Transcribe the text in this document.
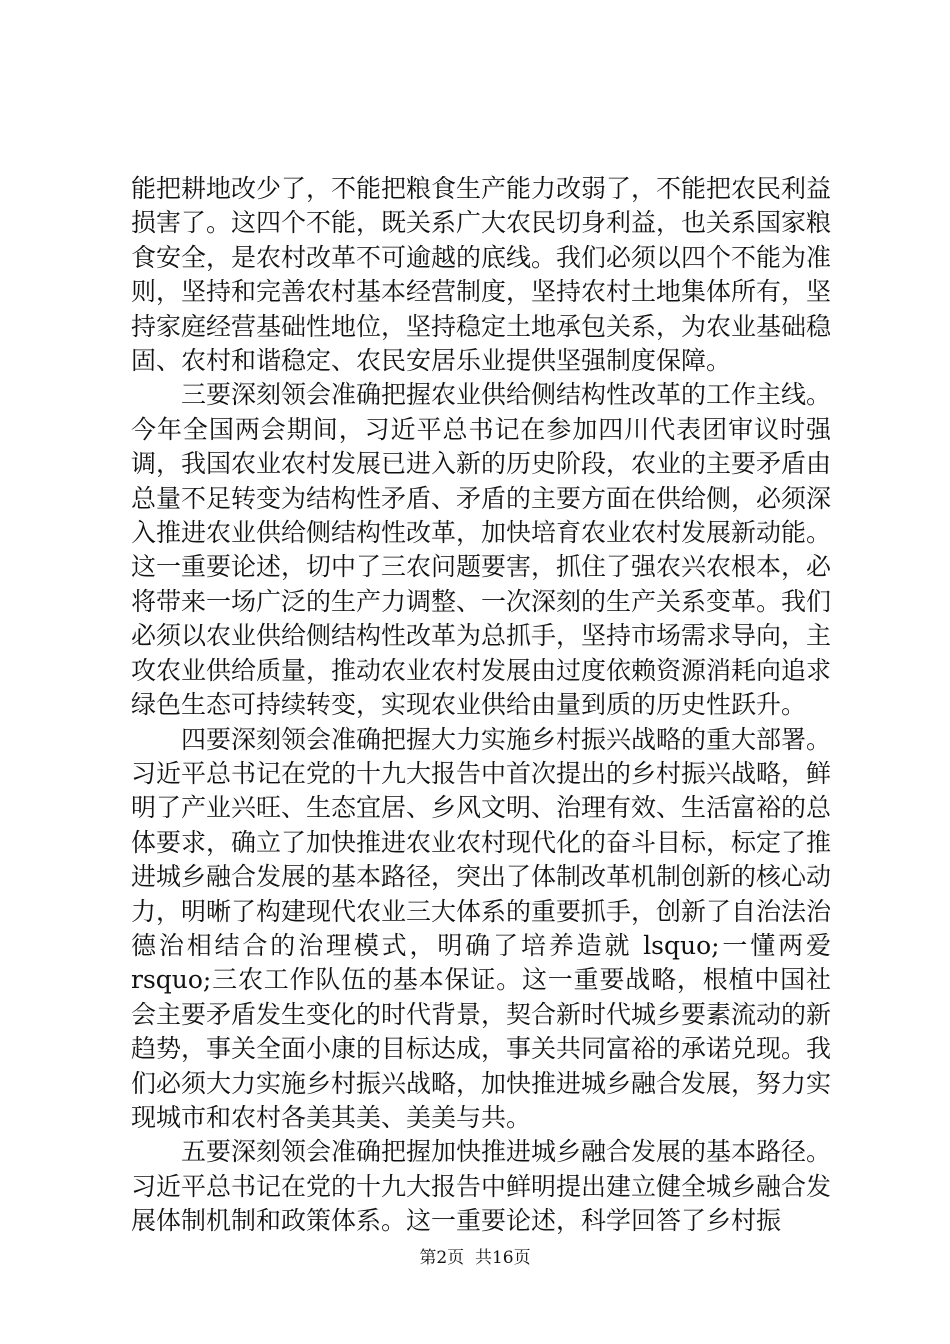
能把耕地改少了，不能把粮食生产能力改弱了，不能把农民利益损害了。这四个不能，既关系广大农民切身利益，也关系国家粮食安全，是农村改革不可逾越的底线。我们必须以四个不能为准则，坚持和完善农村基本经营制度，坚持农村土地集体所有，坚持家庭经营基础性地位，坚持稳定土地承包关系，为农业基础稳固、农村和谐稳定、农民安居乐业提供坚强制度保障。

三要深刻领会准确把握农业供给侧结构性改革的工作主线。今年全国两会期间，习近平总书记在参加四川代表团审议时强调，我国农业农村发展已进入新的历史阶段，农业的主要矛盾由总量不足转变为结构性矛盾、矛盾的主要方面在供给侧，必须深入推进农业供给侧结构性改革，加快培育农业农村发展新动能。这一重要论述，切中了三农问题要害，抓住了强农兴农根本，必将带来一场广泛的生产力调整、一次深刻的生产关系变革。我们必须以农业供给侧结构性改革为总抓手，坚持市场需求导向，主攻农业供给质量，推动农业农村发展由过度依赖资源消耗向追求绿色生态可持续转变，实现农业供给由量到质的历史性跃升。

四要深刻领会准确把握大力实施乡村振兴战略的重大部署。习近平总书记在党的十九大报告中首次提出的乡村振兴战略，鲜明了产业兴旺、生态宜居、乡风文明、治理有效、生活富裕的总体要求，确立了加快推进农业农村现代化的奋斗目标，标定了推进城乡融合发展的基本路径，突出了体制改革机制创新的核心动力，明晰了构建现代农业三大体系的重要抓手，创新了自治法治德治相结合的治理模式，明确了培养造就 lsquo;一懂两爱 rsquo;三农工作队伍的基本保证。这一重要战略，根植中国社会主要矛盾发生变化的时代背景，契合新时代城乡要素流动的新趋势，事关全面小康的目标达成，事关共同富裕的承诺兑现。我们必须大力实施乡村振兴战略，加快推进城乡融合发展，努力实现城市和农村各美其美、美美与共。

五要深刻领会准确把握加快推进城乡融合发展的基本路径。习近平总书记在党的十九大报告中鲜明提出建立健全城乡融合发展体制机制和政策体系。这一重要论述，科学回答了乡村振

第2页  共16页
